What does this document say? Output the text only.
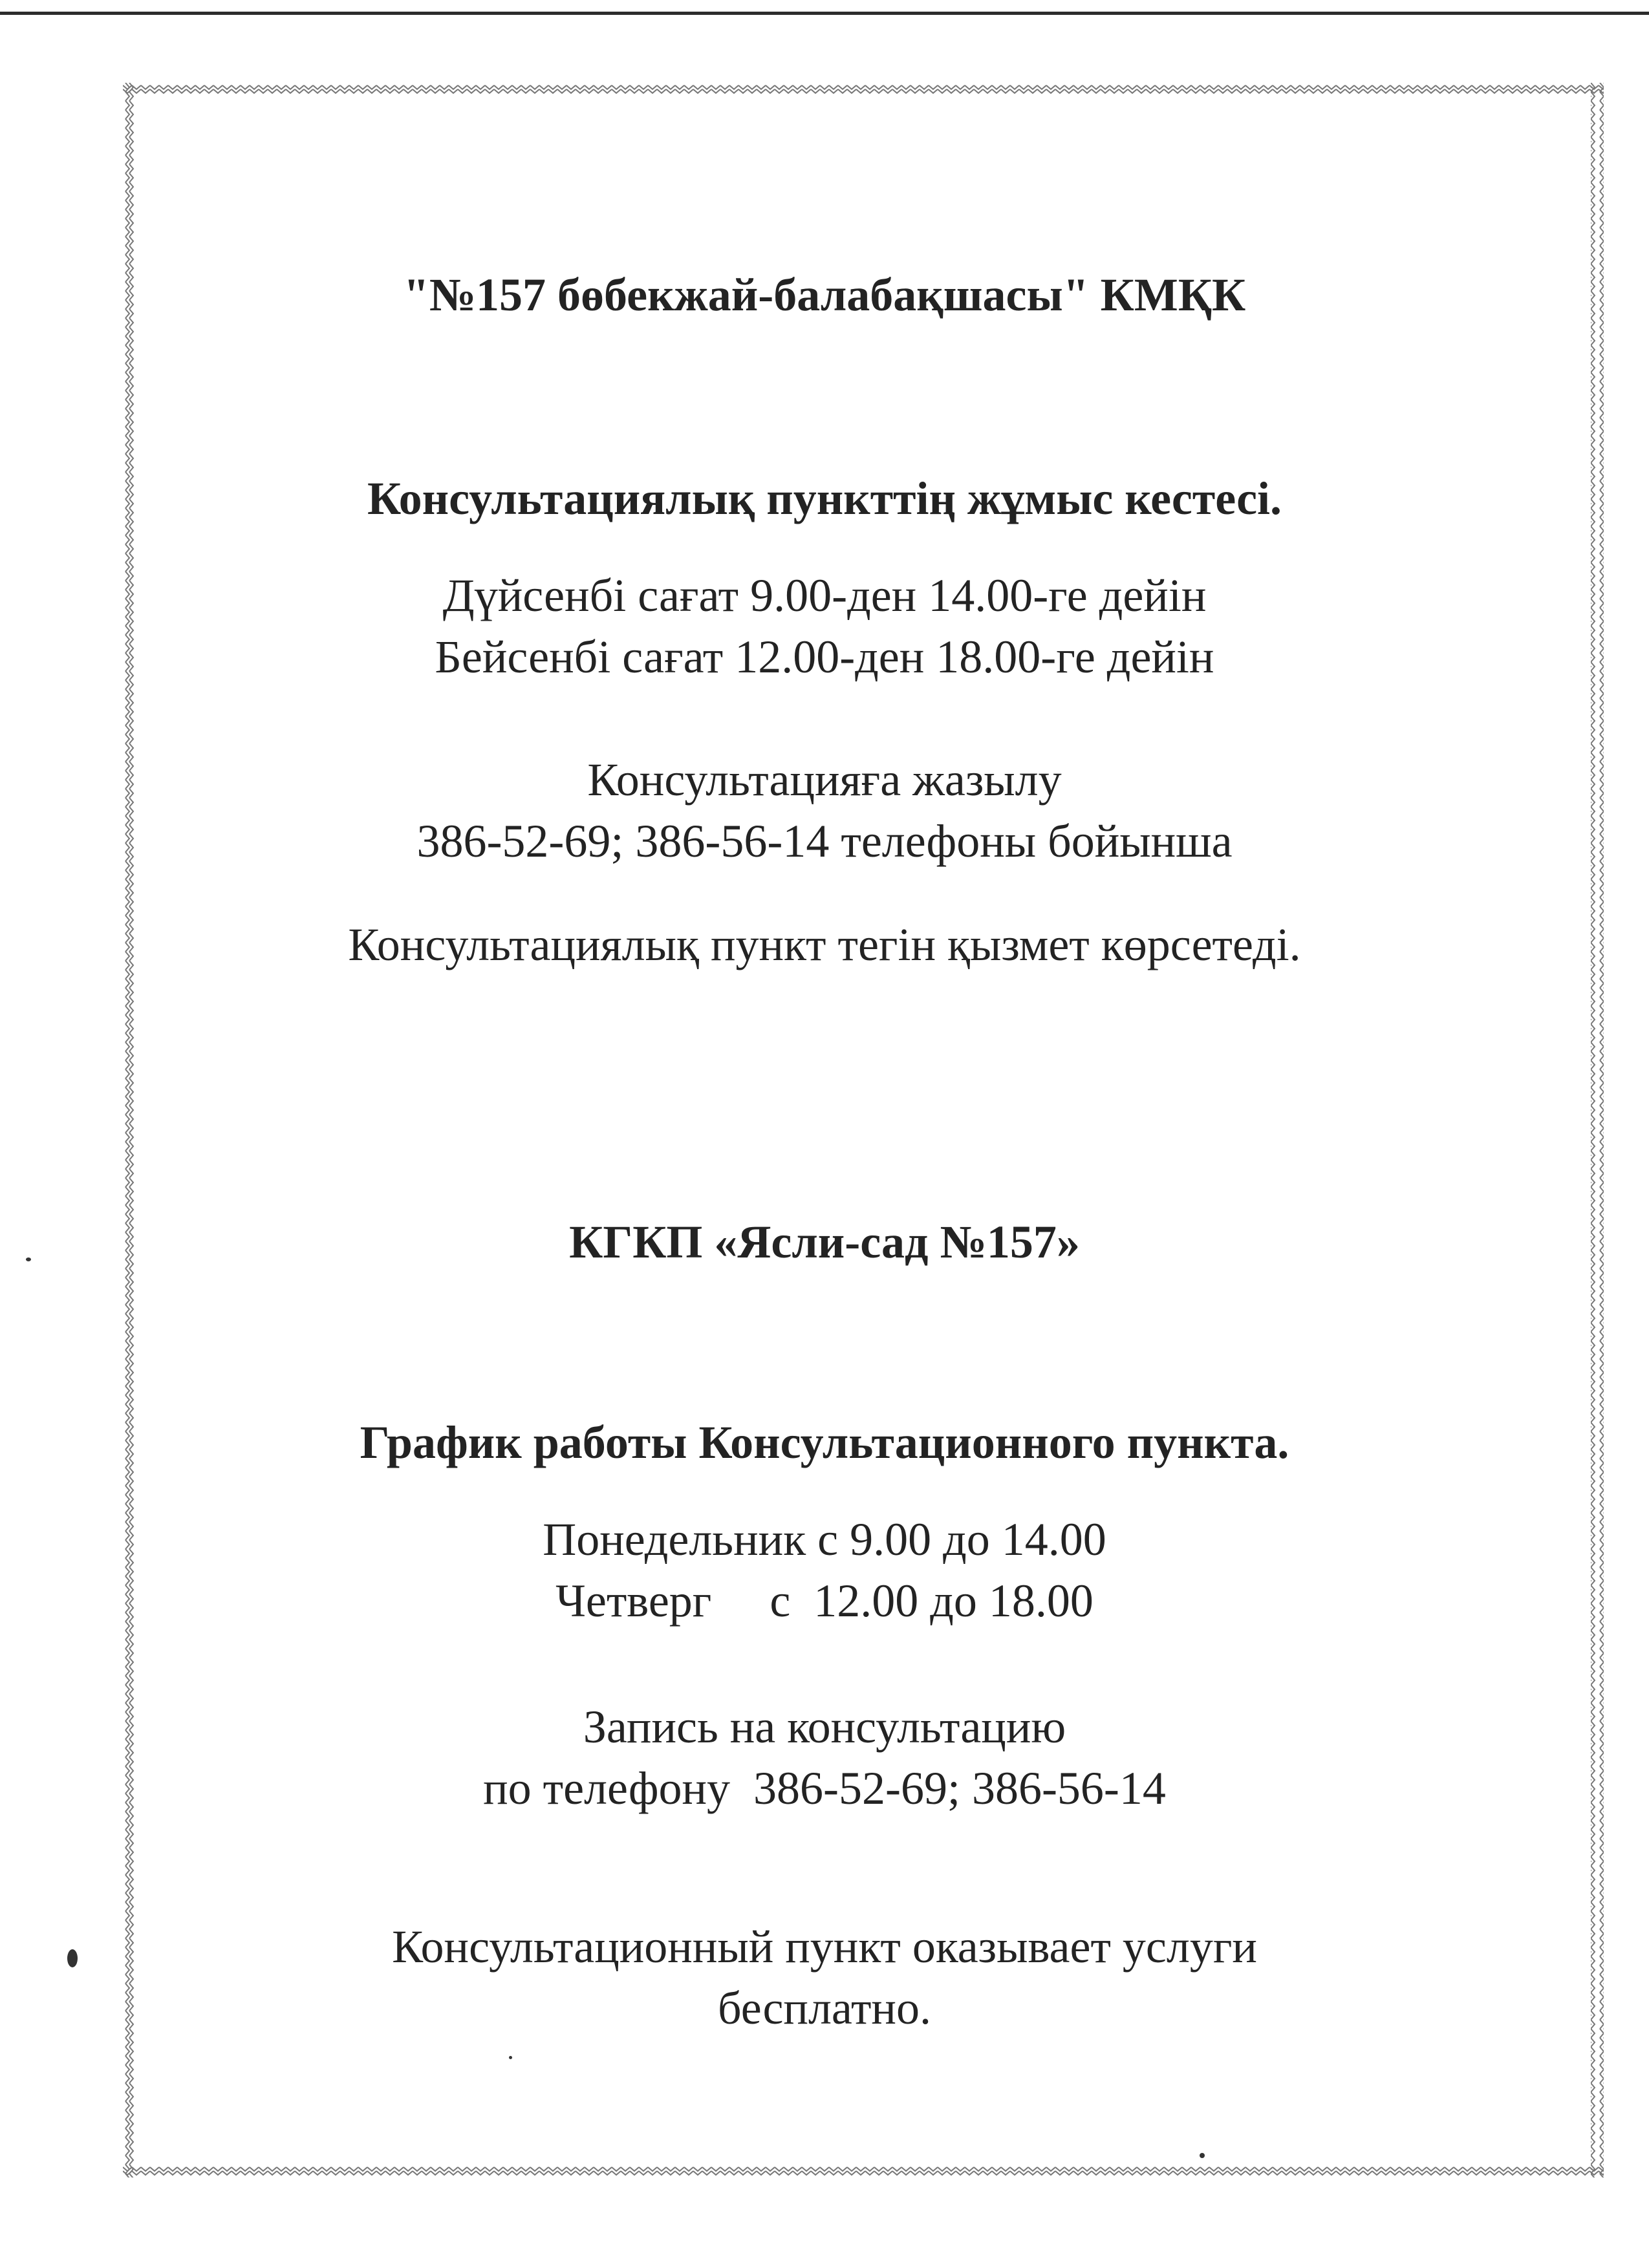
"№157 бөбекжай-балабақшасы" КМҚК
Консультациялық пункттің жұмыс кестесі.
Дүйсенбі сағат 9.00-ден 14.00-ге дейін
Бейсенбі сағат 12.00-ден 18.00-ге дейін
Консультацияға жазылу
386-52-69; 386-56-14 телефоны бойынша
Консультациялық пункт тегін қызмет көрсетеді.
КГКП «Ясли-сад №157»
График работы Консультационного пункта.
Понедельник с 9.00 до 14.00
Четверг     с  12.00 до 18.00
Запись на консультацию
по телефону  386-52-69; 386-56-14
Консультационный пункт оказывает услуги
бесплатно.
